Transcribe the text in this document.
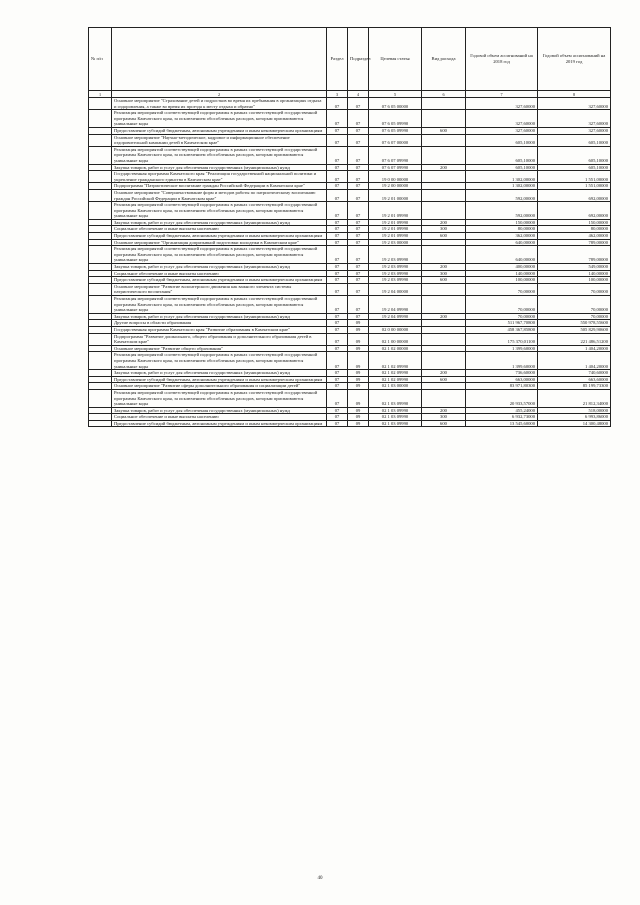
№ п/п		Раздел	Подраздел	Целевая статья	Вид расхода	Годовой объем ассигнований на 2018 год	Годовой объем ассигнований на 2019 год
1	2	3	4	5	6	7	8
	Основное мероприятие "Страхование детей и подростков во время их пребывания в организациях отдыха и оздоровления, а также во время их проезда к месту отдыха и обратно"	07	07	07 6 05 00000		327,60000	327,60000
	Реализация мероприятий соответствующей подпрограммы в рамках соответствующей государственной программы Камчатского края, за исключением обособленных расходов, которым присваиваются уникальные коды	07	07	07 6 05 09990		327,60000	327,60000
	Предоставление субсидий бюджетным, автономным учреждениям и иным некоммерческим организациям	07	07	07 6 05 09990	600	327,60000	327,60000
	Основное мероприятие "Научно-методическое, кадровое и информационное обеспечение оздоровительной кампании детей в Камчатском крае"	07	07	07 6 07 00000		605,10000	605,10000
	Реализация мероприятий соответствующей подпрограммы в рамках соответствующей государственной программы Камчатского края, за исключением обособленных расходов, которым присваиваются уникальные коды	07	07	07 6 07 09990		605,10000	605,10000
	Закупка товаров, работ и услуг для обеспечения государственных (муниципальных) нужд	07	07	07 6 07 09990	200	605,10000	605,10000
	Государственная программа Камчатского края "Реализация государственной национальной политики и укрепление гражданского единства в Камчатском крае"	07	07	19 0 00 00000		1 302,00000	1 551,00000
	Подпрограмма "Патриотическое воспитание граждан Российской Федерации в Камчатском крае"	07	07	19 2 00 00000		1 302,00000	1 551,00000
	Основное мероприятие "Совершенствование форм и методов работы по патриотическому воспитанию граждан Российской Федерации в Камчатском крае"	07	07	19 2 01 00000		592,00000	692,00000
	Реализация мероприятий соответствующей подпрограммы в рамках соответствующей государственной программы Камчатского края, за исключением обособленных расходов, которым присваиваются уникальные коды	07	07	19 2 01 09990		592,00000	692,00000
	Закупка товаров, работ и услуг для обеспечения государственных (муниципальных) нужд	07	07	19 2 01 09990	200	150,00000	150,00000
	Социальное обеспечение и иные выплаты населению	07	07	19 2 01 09990	300	80,00000	80,00000
	Предоставление субсидий бюджетным, автономным учреждениям и иным некоммерческим организациям	07	07	19 2 01 09990	600	362,00000	462,00000
	Основное мероприятие "Организация допризывной подготовки молодежи в Камчатском крае"	07	07	19 2 03 00000		640,00000	789,00000
	Реализация мероприятий соответствующей подпрограммы в рамках соответствующей государственной программы Камчатского края, за исключением обособленных расходов, которым присваиваются уникальные коды	07	07	19 2 03 09990		640,00000	789,00000
	Закупка товаров, работ и услуг для обеспечения государственных (муниципальных) нужд	07	07	19 2 03 09990	200	400,00000	549,00000
	Социальное обеспечение и иные выплаты населению	07	07	19 2 03 09990	300	140,00000	140,00000
	Предоставление субсидий бюджетным, автономным учреждениям и иным некоммерческим организациям	07	07	19 2 03 09990	600	100,00000	100,00000
	Основное мероприятие "Развитие волонтерского движения как важного элемента системы патриотического воспитания"	07	07	19 2 04 00000		70,00000	70,00000
	Реализация мероприятий соответствующей подпрограммы в рамках соответствующей государственной программы Камчатского края, за исключением обособленных расходов, которым присваиваются уникальные коды	07	07	19 2 04 09990		70,00000	70,00000
	Закупка товаров, работ и услуг для обеспечения государственных (муниципальных) нужд	07	07	19 2 04 09990	200	70,00000	70,00000
	Другие вопросы в области образования	07	09			511 967,70800	550 978,55600
	Государственная программа Камчатского края "Развитие образования в Камчатском крае"	07	09	02 0 00 00000		458 367,85800	505 829,90600
	Подпрограмма "Развитие дошкольного, общего образования и дополнительного образования детей в Камчатском крае"	07	09	02 1 00 00000		175 370,01100	221 486,51200
	Основное мероприятие "Развитие общего образования"	07	09	02 1 02 00000		1 399,60000	1 404,20000
	Реализация мероприятий соответствующей подпрограммы в рамках соответствующей государственной программы Камчатского края, за исключением обособленных расходов, которым присваиваются уникальные коды	07	09	02 1 02 09990		1 399,60000	1 404,20000
	Закупка товаров, работ и услуг для обеспечения государственных (муниципальных) нужд	07	09	02 1 02 09990	200	736,60000	740,60000
	Предоставление субсидий бюджетным, автономным учреждениям и иным некоммерческим организациям	07	09	02 1 02 09990	600	663,00000	663,60000
	Основное мероприятие "Развитие сферы дополнительного образования и социализации детей"	07	09	02 1 03 00000		83 971,80300	85 199,73300
	Реализация мероприятий соответствующей подпрограммы в рамках соответствующей государственной программы Камчатского края, за исключением обособленных расходов, которым присваиваются уникальные коды	07	09	02 1 03 09990		20 933,57000	21 812,34000
	Закупка товаров, работ и услуг для обеспечения государственных (муниципальных) нужд	07	09	02 1 03 09990	200	455,24000	518,00000
	Социальное обеспечение и иные выплаты населению	07	09	02 1 03 09990	300	6 932,73000	6 993,86000
	Предоставление субсидий бюджетным, автономным учреждениям и иным некоммерческим организациям	07	09	02 1 03 09990	600	13 545,60000	14 300,48000
40
